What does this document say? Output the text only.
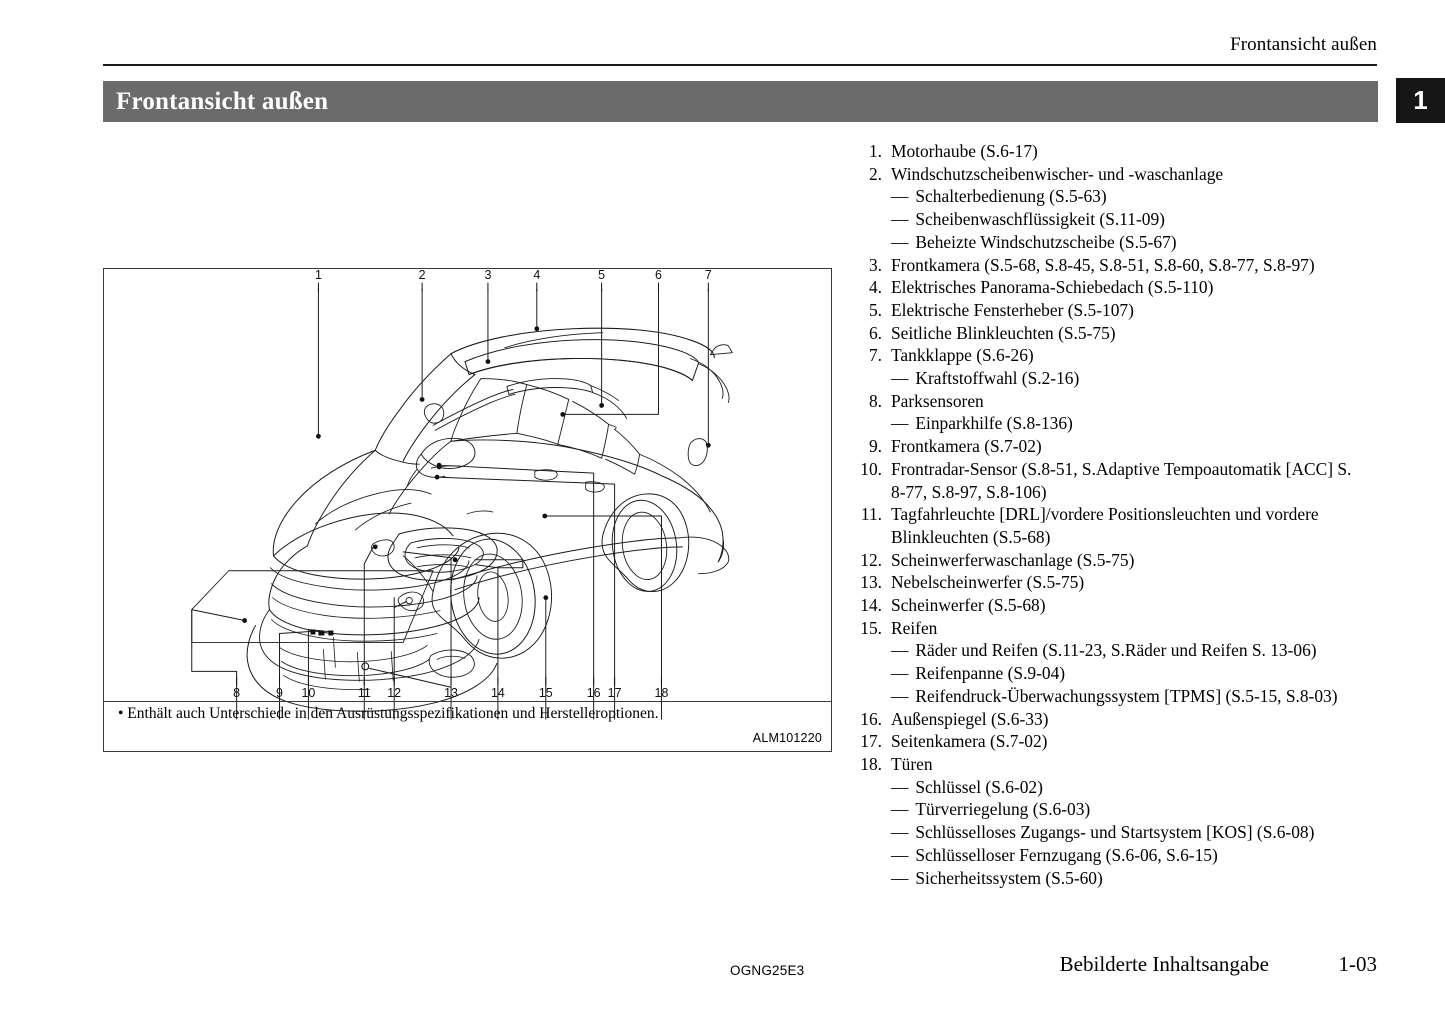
Frontansicht außen
Frontansicht außen	1
1	2	3	4	5	6	7
8	9 10	11 12	13	14	15	16 17	18
• Enthält auch Unterschiede in den Ausrüstungsspezifikationen und Herstelleroptionen.
ALM101220
1. Motorhaube (S.6-17)
2. Windschutzscheibenwischer- und -waschanlage
— Schalterbedienung (S.5-63)
— Scheibenwaschflüssigkeit (S.11-09)
— Beheizte Windschutzscheibe (S.5-67)
3. Frontkamera (S.5-68, S.8-45, S.8-51, S.8-60, S.8-77, S.8-97)
4. Elektrisches Panorama-Schiebedach (S.5-110)
5. Elektrische Fensterheber (S.5-107)
6. Seitliche Blinkleuchten (S.5-75)
7. Tankklappe (S.6-26)
— Kraftstoffwahl (S.2-16)
8. Parksensoren
— Einparkhilfe (S.8-136)
9. Frontkamera (S.7-02)
10. Frontradar-Sensor (S.8-51, S.Adaptive Tempoautomatik [ACC] S. 8-77, S.8-97, S.8-106)
11. Tagfahrleuchte [DRL]/vordere Positionsleuchten und vordere Blinkleuchten (S.5-68)
12. Scheinwerferwaschanlage (S.5-75)
13. Nebelscheinwerfer (S.5-75)
14. Scheinwerfer (S.5-68)
15. Reifen
— Räder und Reifen (S.11-23, S.Räder und Reifen S. 13-06)
— Reifenpanne (S.9-04)
— Reifendruck-Überwachungssystem [TPMS] (S.5-15, S.8-03)
16. Außenspiegel (S.6-33)
17. Seitenkamera (S.7-02)
18. Türen
— Schlüssel (S.6-02)
— Türverriegelung (S.6-03)
— Schlüsselloses Zugangs- und Startsystem [KOS] (S.6-08)
— Schlüsselloser Fernzugang (S.6-06, S.6-15)
— Sicherheitssystem (S.5-60)
OGNG25E3	Bebilderte Inhaltsangabe	1-03
